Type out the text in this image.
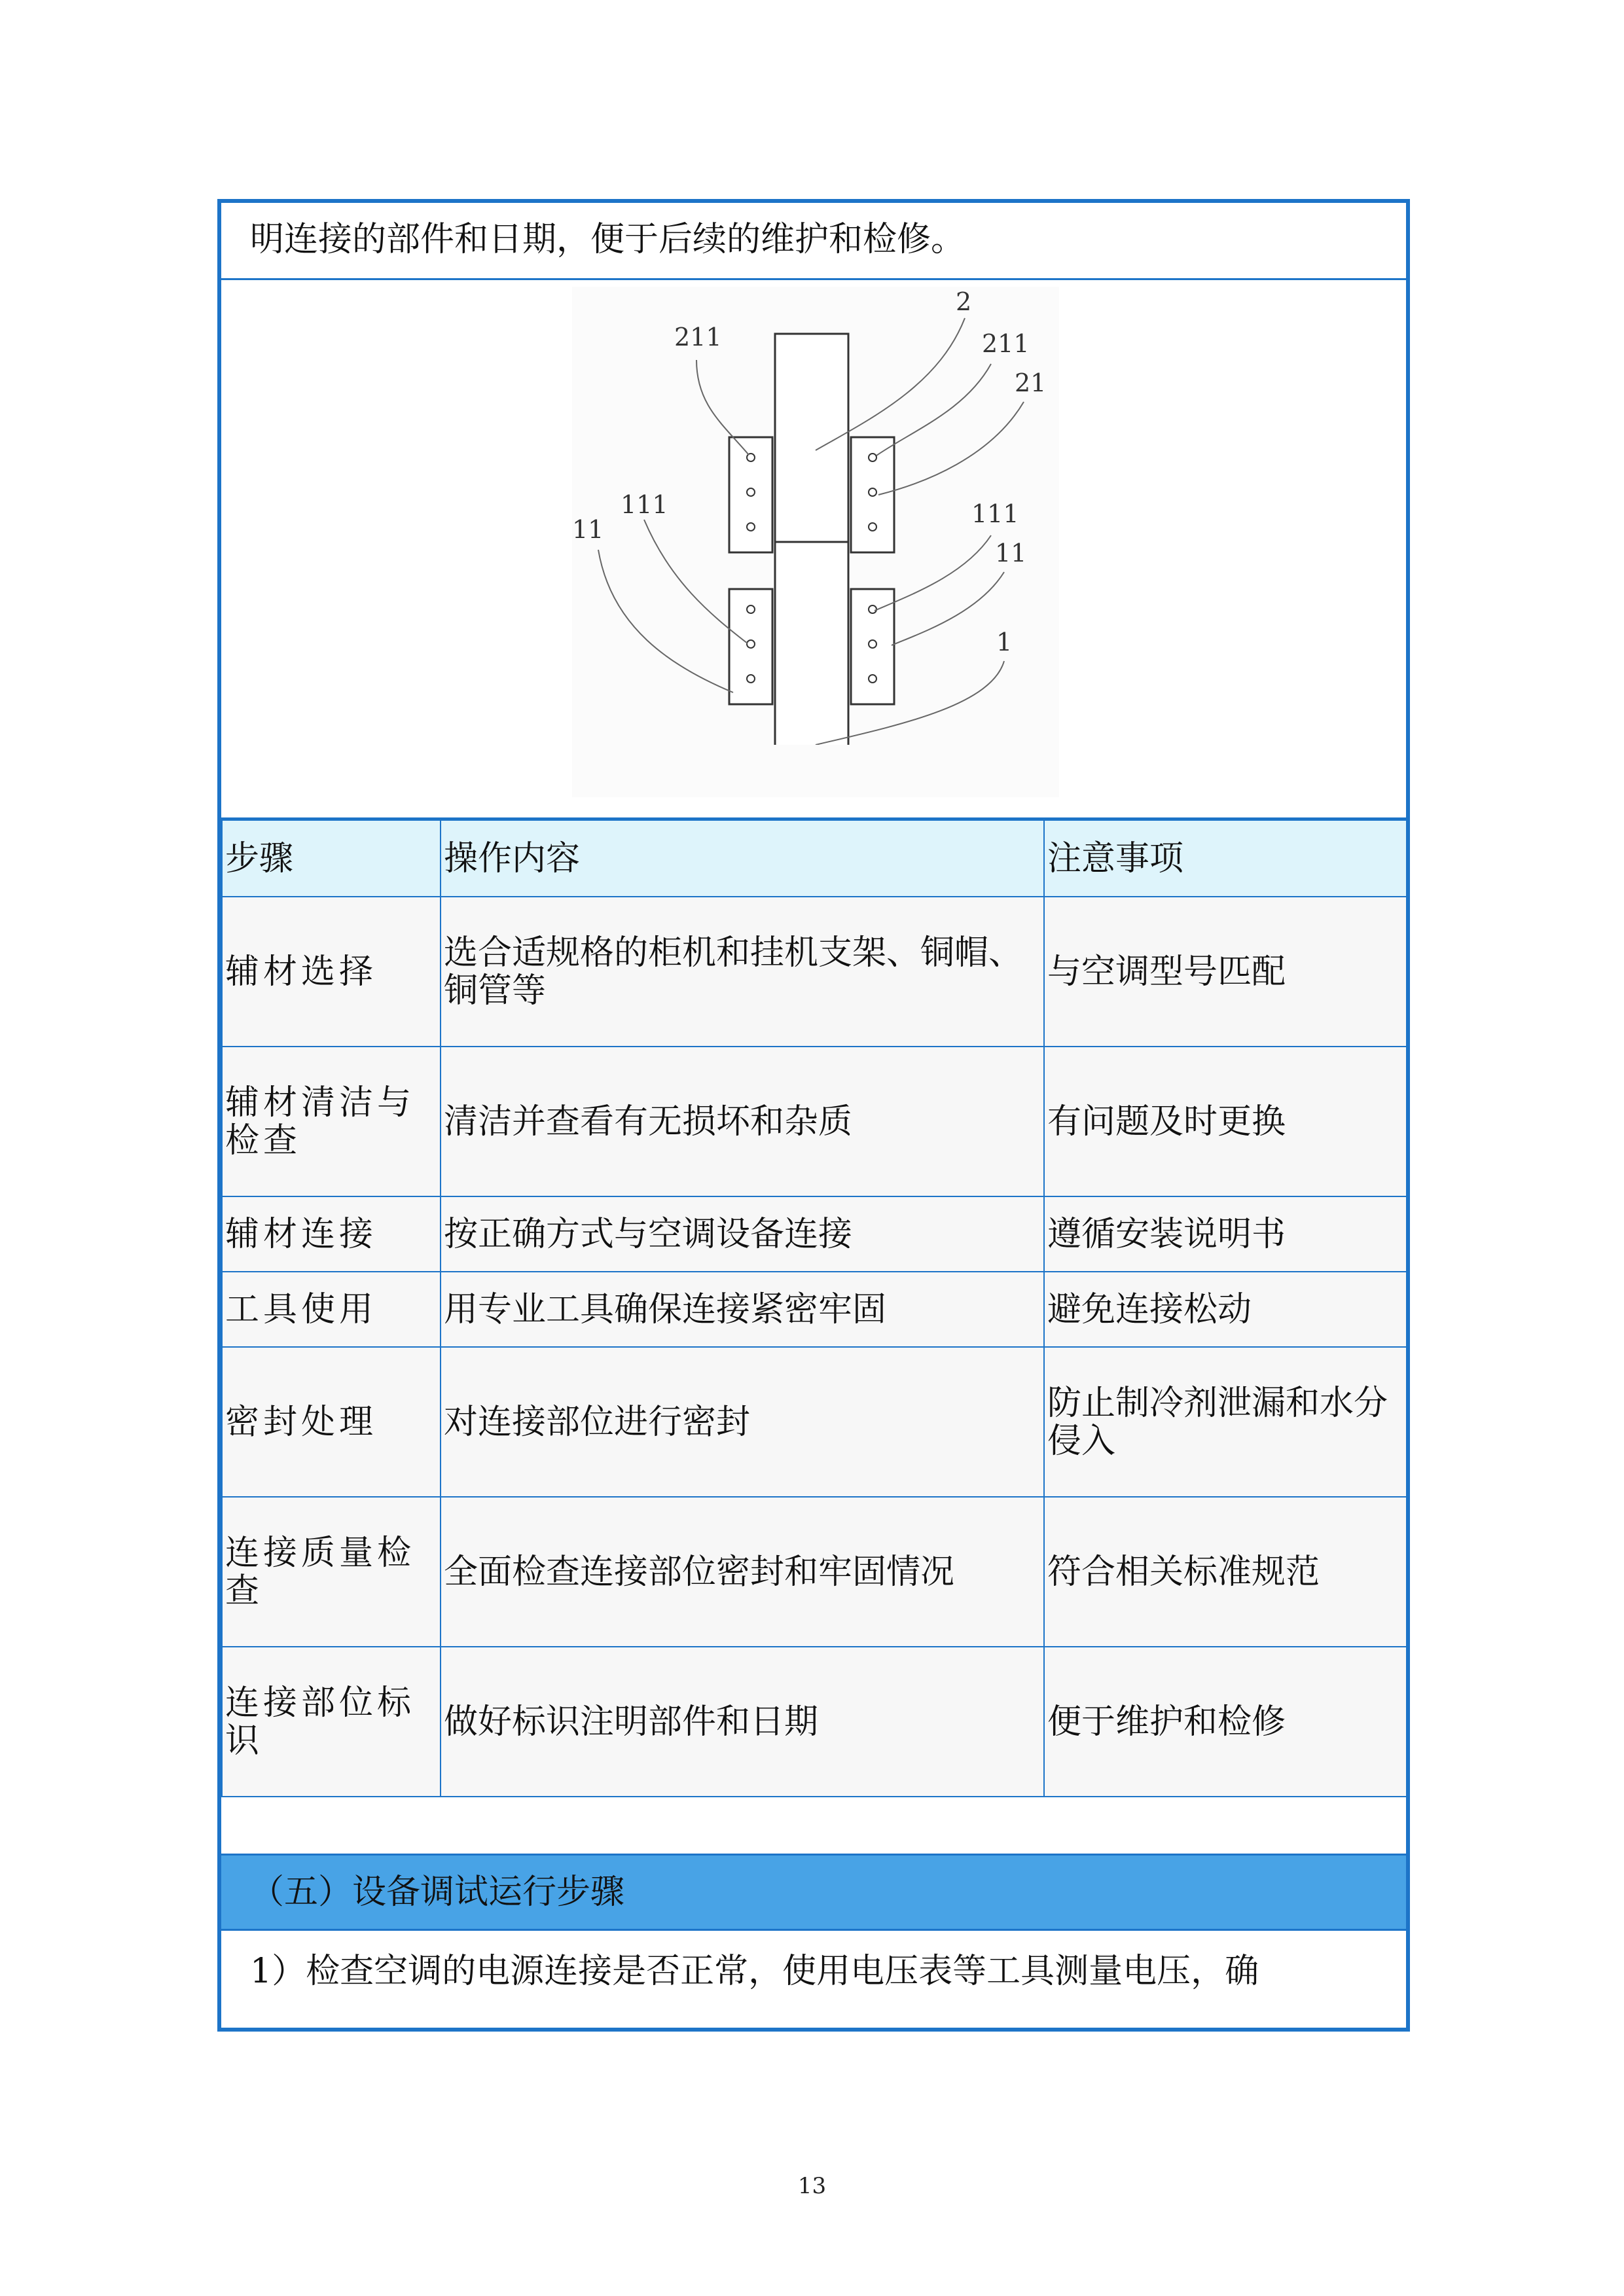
明连接的部件和日期，便于后续的维护和检修。
211
2
211
21
11
111	111
11
1
步骤	操作内容	注意事项
辅材选择	选合适规格的柜机和挂机支架、铜帽、铜管等	与空调型号匹配
辅材清洁与检查	清洁并查看有无损坏和杂质	有问题及时更换
辅材连接	按正确方式与空调设备连接	遵循安装说明书
工具使用	用专业工具确保连接紧密牢固	避免连接松动
密封处理	对连接部位进行密封	防止制冷剂泄漏和水分侵入
连接质量检查	全面检查连接部位密封和牢固情况	符合相关标准规范
连接部位标识	做好标识注明部件和日期	便于维护和检修
（五）设备调试运行步骤
1）检查空调的电源连接是否正常，使用电压表等工具测量电压，确
13
